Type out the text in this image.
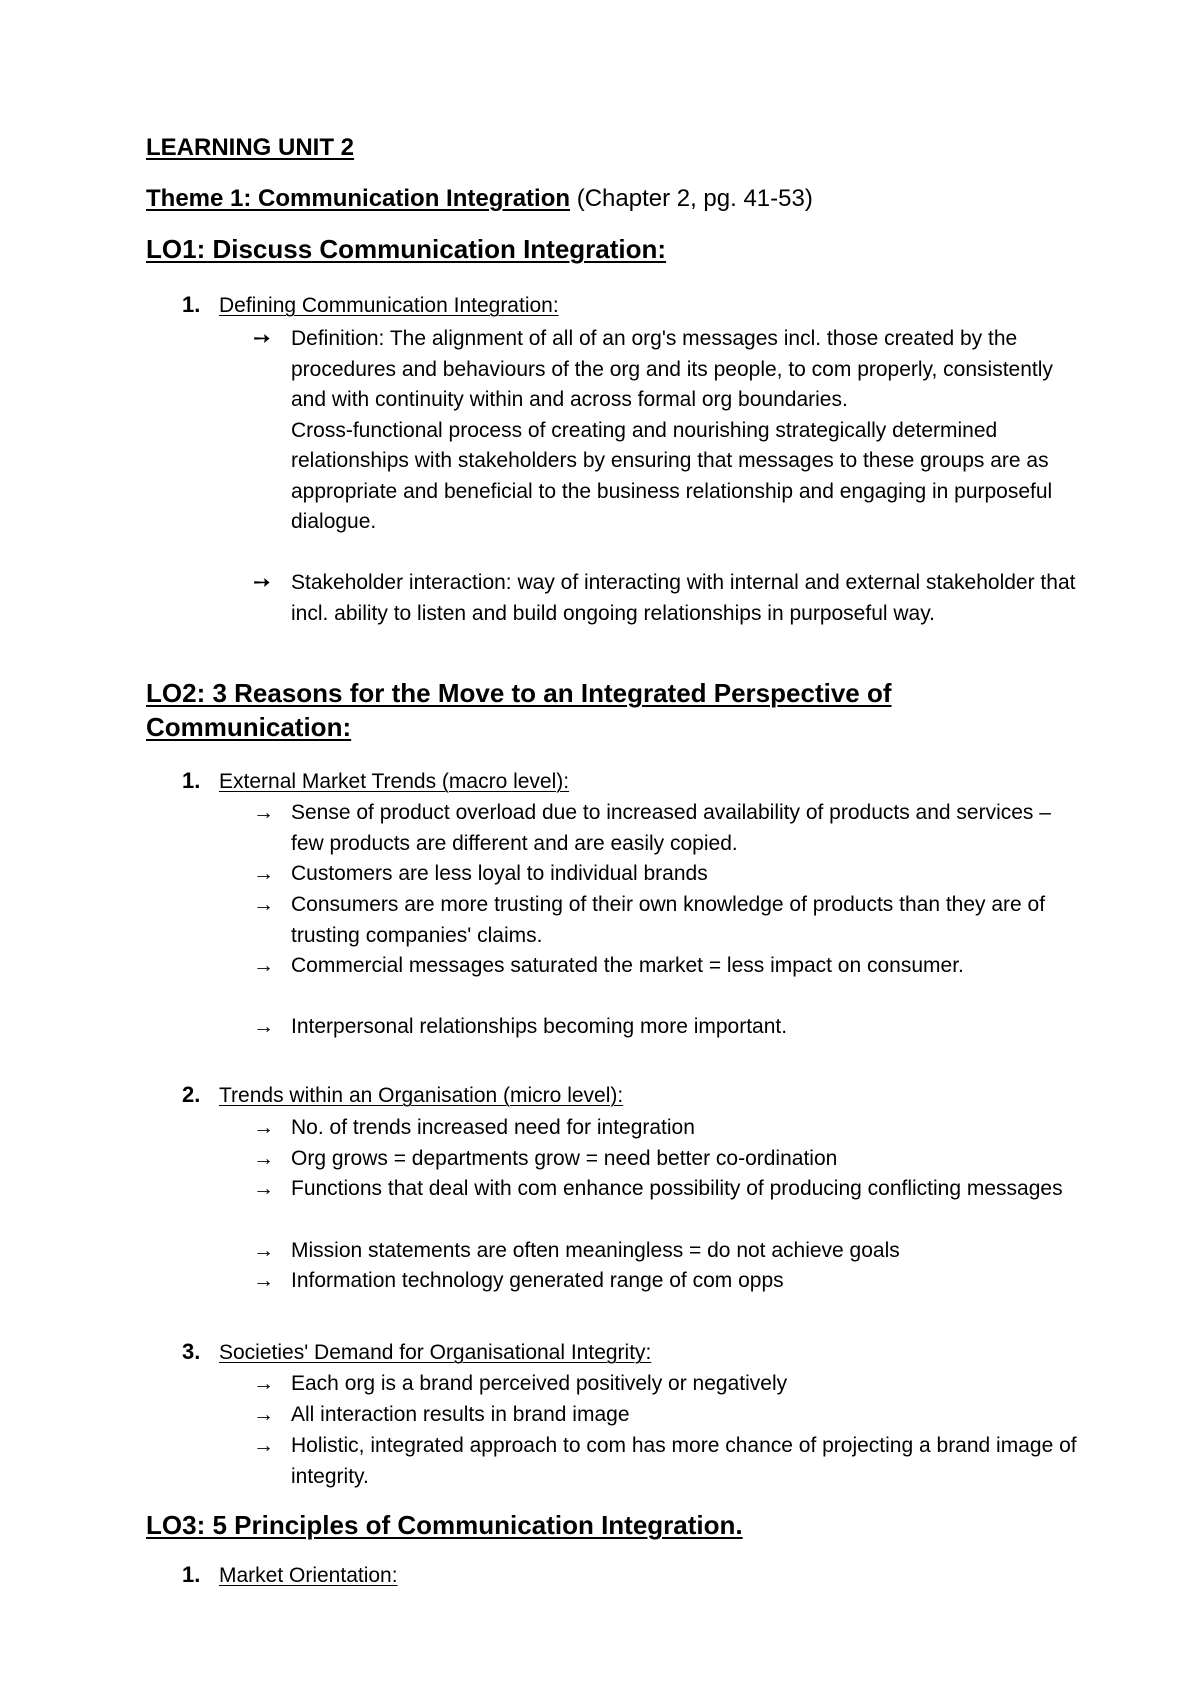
LEARNING UNIT 2
Theme 1: Communication Integration (Chapter 2, pg. 41-53)
LO1: Discuss Communication Integration:
1. Defining Communication Integration:
➙ Definition: The alignment of all of an org's messages incl. those created by the procedures and behaviours of the org and its people, to com properly, consistently and with continuity within and across formal org boundaries.
Cross-functional process of creating and nourishing strategically determined relationships with stakeholders by ensuring that messages to these groups are as appropriate and beneficial to the business relationship and engaging in purposeful dialogue.
➙ Stakeholder interaction: way of interacting with internal and external stakeholder that incl. ability to listen and build ongoing relationships in purposeful way.
LO2: 3 Reasons for the Move to an Integrated Perspective of
Communication:
1. External Market Trends (macro level):
→ Sense of product overload due to increased availability of products and services – few products are different and are easily copied.
→ Customers are less loyal to individual brands
→ Consumers are more trusting of their own knowledge of products than they are of trusting companies' claims.
→ Commercial messages saturated the market = less impact on consumer.
→ Interpersonal relationships becoming more important.
2. Trends within an Organisation (micro level):
→ No. of trends increased need for integration
→ Org grows = departments grow = need better co-ordination
→ Functions that deal with com enhance possibility of producing conflicting messages
→ Mission statements are often meaningless = do not achieve goals
→ Information technology generated range of com opps
3. Societies' Demand for Organisational Integrity:
→ Each org is a brand perceived positively or negatively
→ All interaction results in brand image
→ Holistic, integrated approach to com has more chance of projecting a brand image of integrity.
LO3: 5 Principles of Communication Integration.
1. Market Orientation:
